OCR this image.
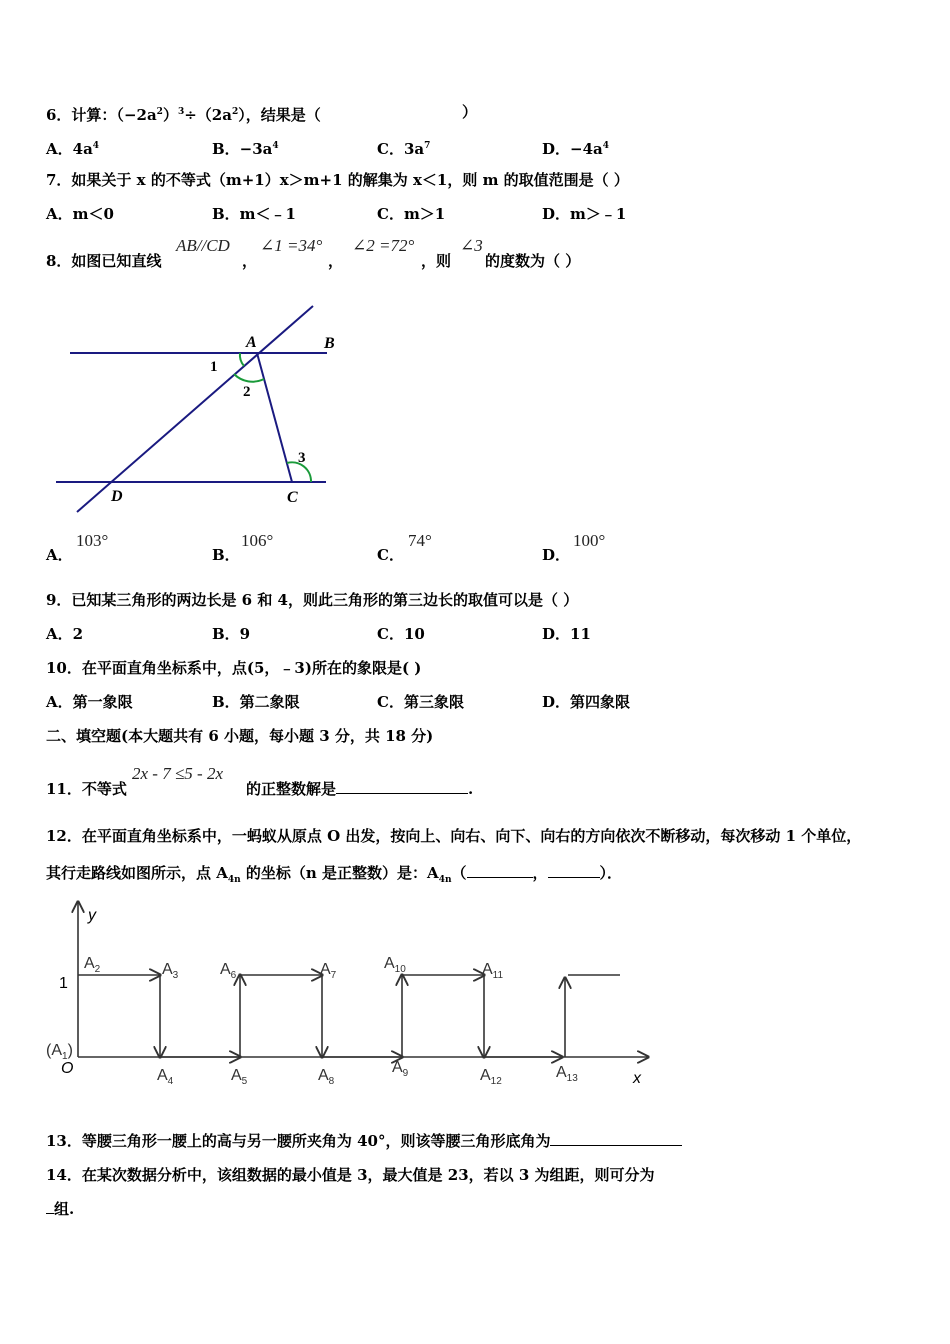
6．计算：$(-2a^2)^3\div(2a^2)$，结果是（	）
A．$4a^4$	B．$-3a^4$	C．$3a^7$	D．$-4a^4$
7．如果关于 x 的不等式（m+1）x＞m+1 的解集为 x＜1，则 m 的取值范围是（ ）
A．m＜0	B．m＜﹣1	C．m＞1	D．m＞﹣1
8．如图已知直线
AB//CD
，
∠1 =34°
，
∠2 =72°
，则
∠3
的度数为（ ）
A	B
C
D
1
2
3
A．
103°
B．
106°
C．
74°
D．
100°
9．已知某三角形的两边长是 6 和 4，则此三角形的第三边长的取值可以是（ ）
A．2	B．9	C．10	D．11
10．在平面直角坐标系中，点(5，﹣3)所在的象限是( )
A．第一象限	B．第二象限	C．第三象限	D．第四象限
二、填空题(本大题共有 6 小题，每小题 3 分，共 18 分)
11．不等式
2x - 7 ≤5 - 2x
的正整数解是	.
12．在平面直角坐标系中，一蚂蚁从原点 O 出发，按向上、向右、向下、向右的方向依次不断移动，每次移动 1 个单位，
其行走路线如图所示，点 $A_{4n}$ 的坐标（n 是正整数）是：$A_{4n}$（	，	）．
y
x
1
O
$(A_1)$
$A_2$	$A_3$
$A_4$	$A_5$
$A_6$	$A_7$
$A_8$
$A_9$
$A_{10}$	$A_{11}$
$A_{12}$
$A_{13}$
13．等腰三角形一腰上的高与另一腰所夹角为 40°，则该等腰三角形底角为
14．在某次数据分析中，该组数据的最小值是 3，最大值是 23，若以 3 为组距，则可分为
组.
